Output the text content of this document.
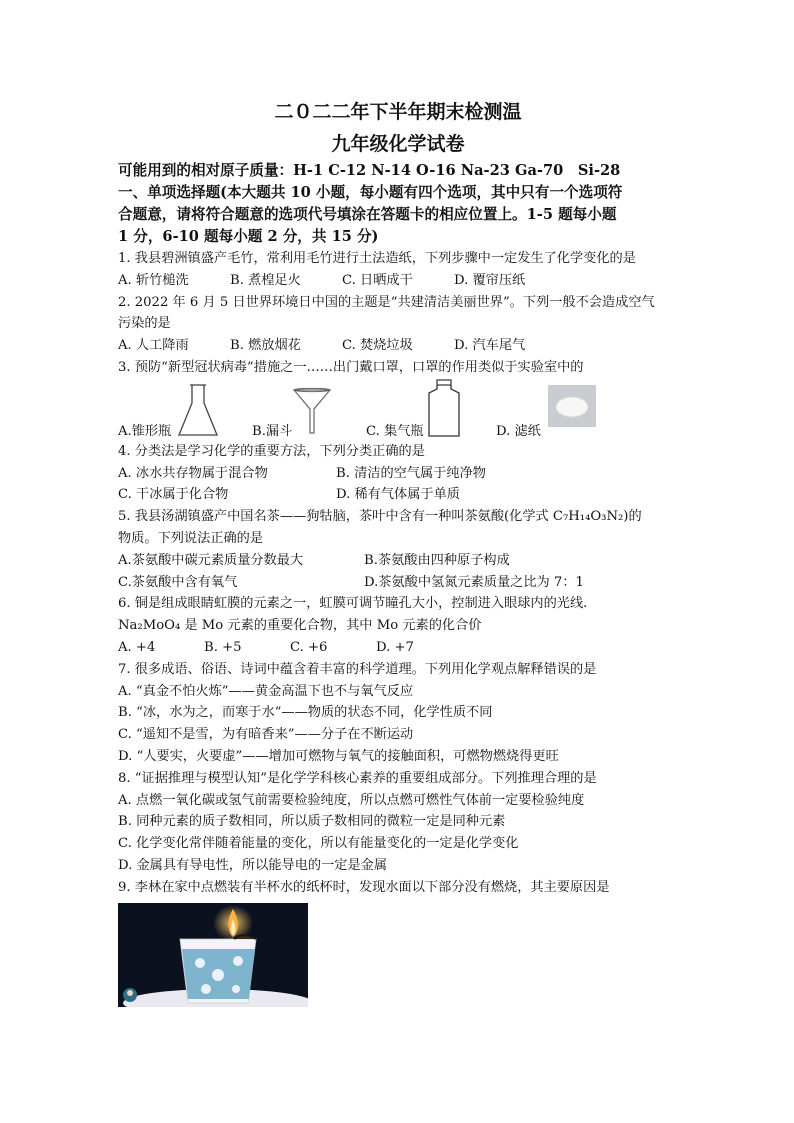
二０二二年下半年期末检测温
九年级化学试卷
可能用到的相对原子质量：H-1 C-12 N-14 O-16 Na-23 Ga-70　Si-28
一、单项选择题(本大题共 10 小题，每小题有四个选项，其中只有一个选项符
合题意，请将符合题意的选项代号填涂在答题卡的相应位置上。1-5 题每小题
1 分，6-10 题每小题 2 分，共 15 分)
1. 我县碧洲镇盛产毛竹，常利用毛竹进行土法造纸，下列步骤中一定发生了化学变化的是
A. 斩竹槌洗	B. 煮楻足火	C. 日晒成干	D. 覆帘压纸
2. 2022 年 6 月 5 日世界环境日中国的主题是“共建清洁美丽世界”。下列一般不会造成空气
污染的是
A. 人工降雨	B. 燃放烟花	C. 焚烧垃圾	D. 汽车尾气
3. 预防“新型冠状病毒”措施之一……出门戴口罩，口罩的作用类似于实验室中的
A.锥形瓶	B.漏斗	C. 集气瓶	D. 滤纸
4. 分类法是学习化学的重要方法，下列分类正确的是
A. 冰水共存物属于混合物	B. 清洁的空气属于纯净物
C. 干冰属于化合物	D. 稀有气体属于单质
5. 我县汤湖镇盛产中国名茶——狗牯脑，茶叶中含有一种叫茶氨酸(化学式 C₇H₁₄O₃N₂)的
物质。下列说法正确的是
A.茶氨酸中碳元素质量分数最大	B.茶氨酸由四种原子构成
C.茶氨酸中含有氧气	D.茶氨酸中氢氮元素质量之比为 7：1
6. 铜是组成眼睛虹膜的元素之一，虹膜可调节瞳孔大小，控制进入眼球内的光线.
Na₂MoO₄ 是 Mo 元素的重要化合物，其中 Mo 元素的化合价
A. +4	B. +5	C. +6	D. +7
7. 很多成语、俗语、诗词中蕴含着丰富的科学道理。下列用化学观点解释错误的是
A. “真金不怕火炼”——黄金高温下也不与氧气反应
B. “冰，水为之，而寒于水”——物质的状态不同，化学性质不同
C. “遥知不是雪，为有暗香来”——分子在不断运动
D. “人要实，火要虚”——增加可燃物与氧气的接触面积，可燃物燃烧得更旺
8. “证据推理与模型认知”是化学学科核心素养的重要组成部分。下列推理合理的是
A. 点燃一氧化碳或氢气前需要检验纯度，所以点燃可燃性气体前一定要检验纯度
B. 同种元素的质子数相同，所以质子数相同的微粒一定是同种元素
C. 化学变化常伴随着能量的变化，所以有能量变化的一定是化学变化
D. 金属具有导电性，所以能导电的一定是金属
9. 李林在家中点燃装有半杯水的纸杯时，发现水面以下部分没有燃烧，其主要原因是
